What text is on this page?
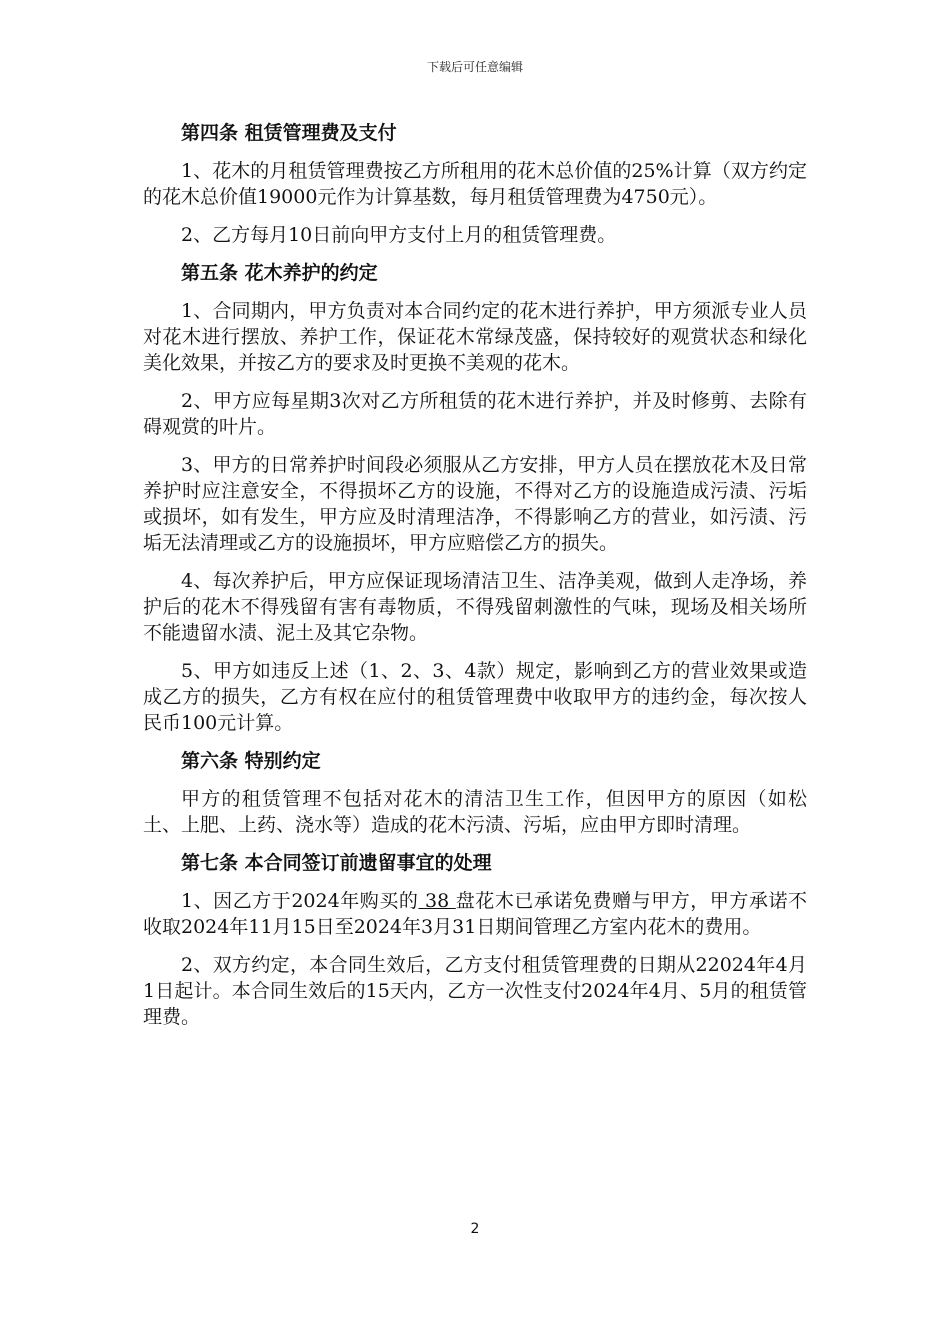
下载后可任意编辑
第四条 租赁管理费及支付

1、花木的月租赁管理费按乙方所租用的花木总价值的25%计算（双方约定的花木总价值19000元作为计算基数，每月租赁管理费为4750元）。

2、乙方每月10日前向甲方支付上月的租赁管理费。

第五条 花木养护的约定

1、合同期内，甲方负责对本合同约定的花木进行养护，甲方须派专业人员对花木进行摆放、养护工作，保证花木常绿茂盛，保持较好的观赏状态和绿化美化效果，并按乙方的要求及时更换不美观的花木。

2、甲方应每星期3次对乙方所租赁的花木进行养护，并及时修剪、去除有碍观赏的叶片。

3、甲方的日常养护时间段必须服从乙方安排，甲方人员在摆放花木及日常养护时应注意安全，不得损坏乙方的设施，不得对乙方的设施造成污渍、污垢或损坏，如有发生，甲方应及时清理洁净，不得影响乙方的营业，如污渍、污垢无法清理或乙方的设施损坏，甲方应赔偿乙方的损失。

4、每次养护后，甲方应保证现场清洁卫生、洁净美观，做到人走净场，养护后的花木不得残留有害有毒物质，不得残留刺激性的气味，现场及相关场所不能遗留水渍、泥土及其它杂物。

5、甲方如违反上述（1、2、3、4款）规定，影响到乙方的营业效果或造成乙方的损失，乙方有权在应付的租赁管理费中收取甲方的违约金，每次按人民币100元计算。

第六条 特别约定

甲方的租赁管理不包括对花木的清洁卫生工作，但因甲方的原因（如松土、上肥、上药、浇水等）造成的花木污渍、污垢，应由甲方即时清理。

第七条 本合同签订前遗留事宜的处理

1、因乙方于2024年购买的 38 盘花木已承诺免费赠与甲方，甲方承诺不收取2024年11月15日至2024年3月31日期间管理乙方室内花木的费用。

2、双方约定，本合同生效后，乙方支付租赁管理费的日期从22024年4月1日起计。本合同生效后的15天内，乙方一次性支付2024年4月、5月的租赁管理费。

2
